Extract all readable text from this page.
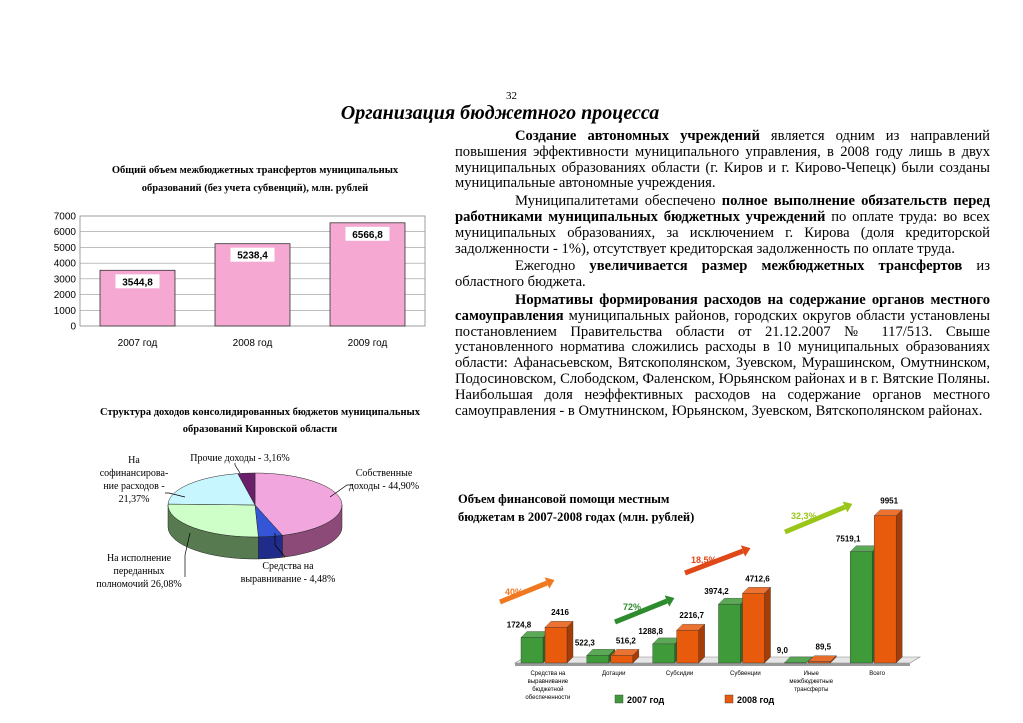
32
Организация бюджетного процесса

Создание автономных учреждений является одним из направлений повышения эффективности муниципального управления, в 2008 году лишь в двух муниципальных образованиях области (г. Киров и г. Кирово-Чепецк) были созданы муниципальные автономные учреждения.

Муниципалитетами обеспечено полное выполнение обязательств перед работниками муниципальных бюджетных учреждений по оплате труда: во всех муниципальных образованиях, за исключением г. Кирова (доля кредиторской задолженности - 1%), отсутствует кредиторская задолженность по оплате труда.

Ежегодно увеличивается размер межбюджетных трансфертов из областного бюджета.

Нормативы формирования расходов на содержание органов местного самоуправления муниципальных районов, городских округов области установлены постановлением Правительства области от 21.12.2007 № 117/513. Свыше установленного норматива сложились расходы в 10 муниципальных образованиях области: Афанасьевском, Вятскополянском, Зуевском, Мурашинском, Омутнинском, Подосиновском, Слободском, Фаленском, Юрьянском районах и в г. Вятские Поляны. Наибольшая доля неэффективных расходов на содержание органов местного самоуправления - в Омутнинском, Юрьянском, Зуевском, Вятскополянском районах.

Общий объем межбюджетных трансфертов муниципальных образований (без учета субвенций), млн. рублей
0
1000
2000
3000
4000
5000
6000
7000
3544,8
2007 год
5238,4
2008 год
6566,8
2009 год
Структура доходов консолидированных бюджетов муниципальных образований Кировской области
Собственные доходы - 44,90%
Средства на выравнивание - 4,48%
На исполнение переданных полномочий 26,08%
На софинансирова-ние расходов - 21,37%
Прочие доходы - 3,16%
Объем финансовой помощи местным бюджетам в 2007-2008 годах (млн. рублей)
1724,8
2416
Средства на выравнивание бюджетной обеспеченности
522,3	516,2
Дотации
1288,8
2216,7
Субсидии
3974,2
4712,6
Субвенции
9,0	89,5
Иные межбюджетные трансферты
7519,1
9951
Всего
40%
72%
18,5%
32,3%
2007 год	2008 год
